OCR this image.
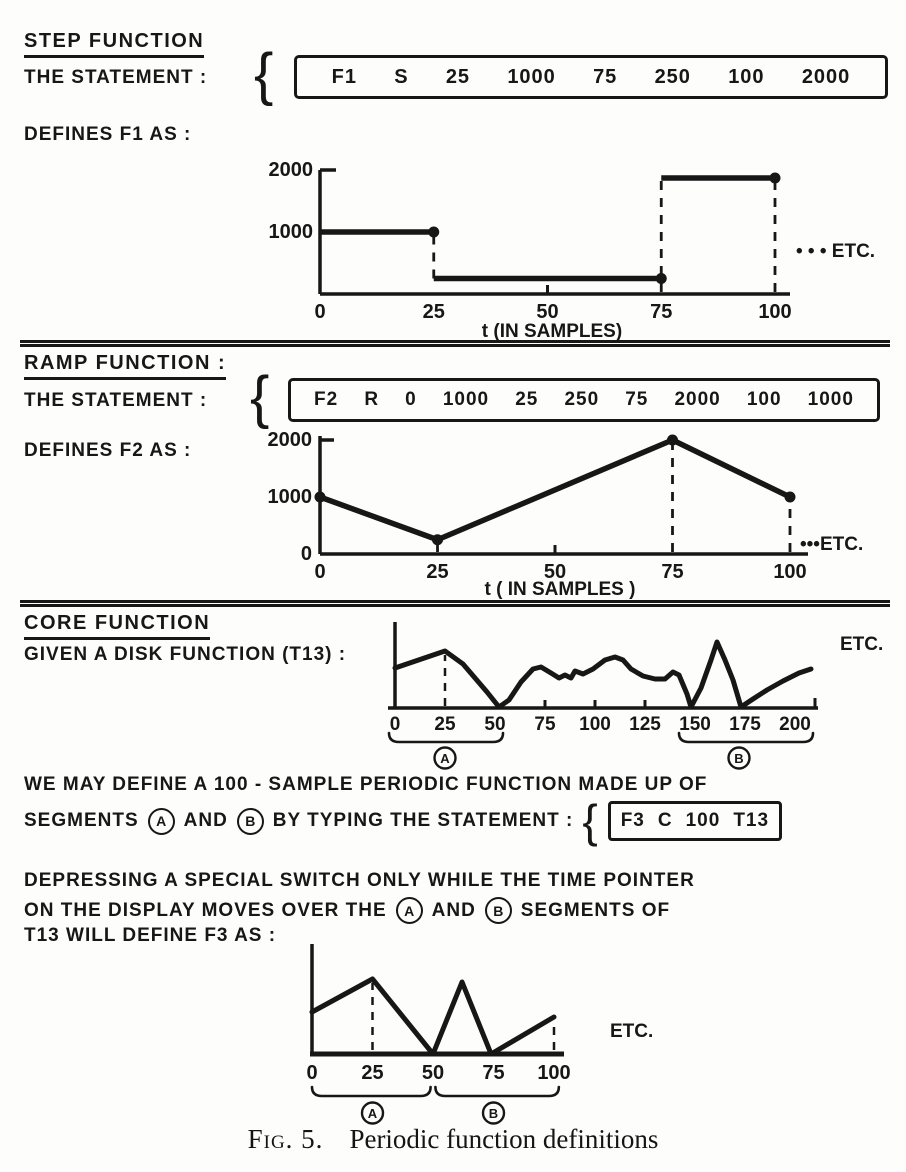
STEP FUNCTION
THE STATEMENT : {	F1 S 25 1000 75 250 100 2000
DEFINES F1 AS :
1000
2000
0	25	50	75	100
t (IN SAMPLES)
• • • ETC.
RAMP FUNCTION :
THE STATEMENT : { F2 R 0 1000 25 250 75 2000 100 1000
DEFINES F2 AS :
0
1000
2000
0	25	50	75	100
t ( IN SAMPLES )
•••ETC.
CORE FUNCTION
GIVEN A DISK FUNCTION (T13) :
0 25 50 75 100 125 150 175 200
A	B
ETC.
WE MAY DEFINE A 100 - SAMPLE PERIODIC FUNCTION MADE UP OF
SEGMENTS	A AND	B BY TYPING THE STATEMENT : { F3 C 100 T13
DEPRESSING A SPECIAL SWITCH ONLY WHILE THE TIME POINTER
ON THE DISPLAY MOVES OVER THE	A AND	B SEGMENTS OF
T13 WILL DEFINE F3 AS :
0 25 50 75 100
A	B
ETC.
Fig. 5. Periodic function definitions
